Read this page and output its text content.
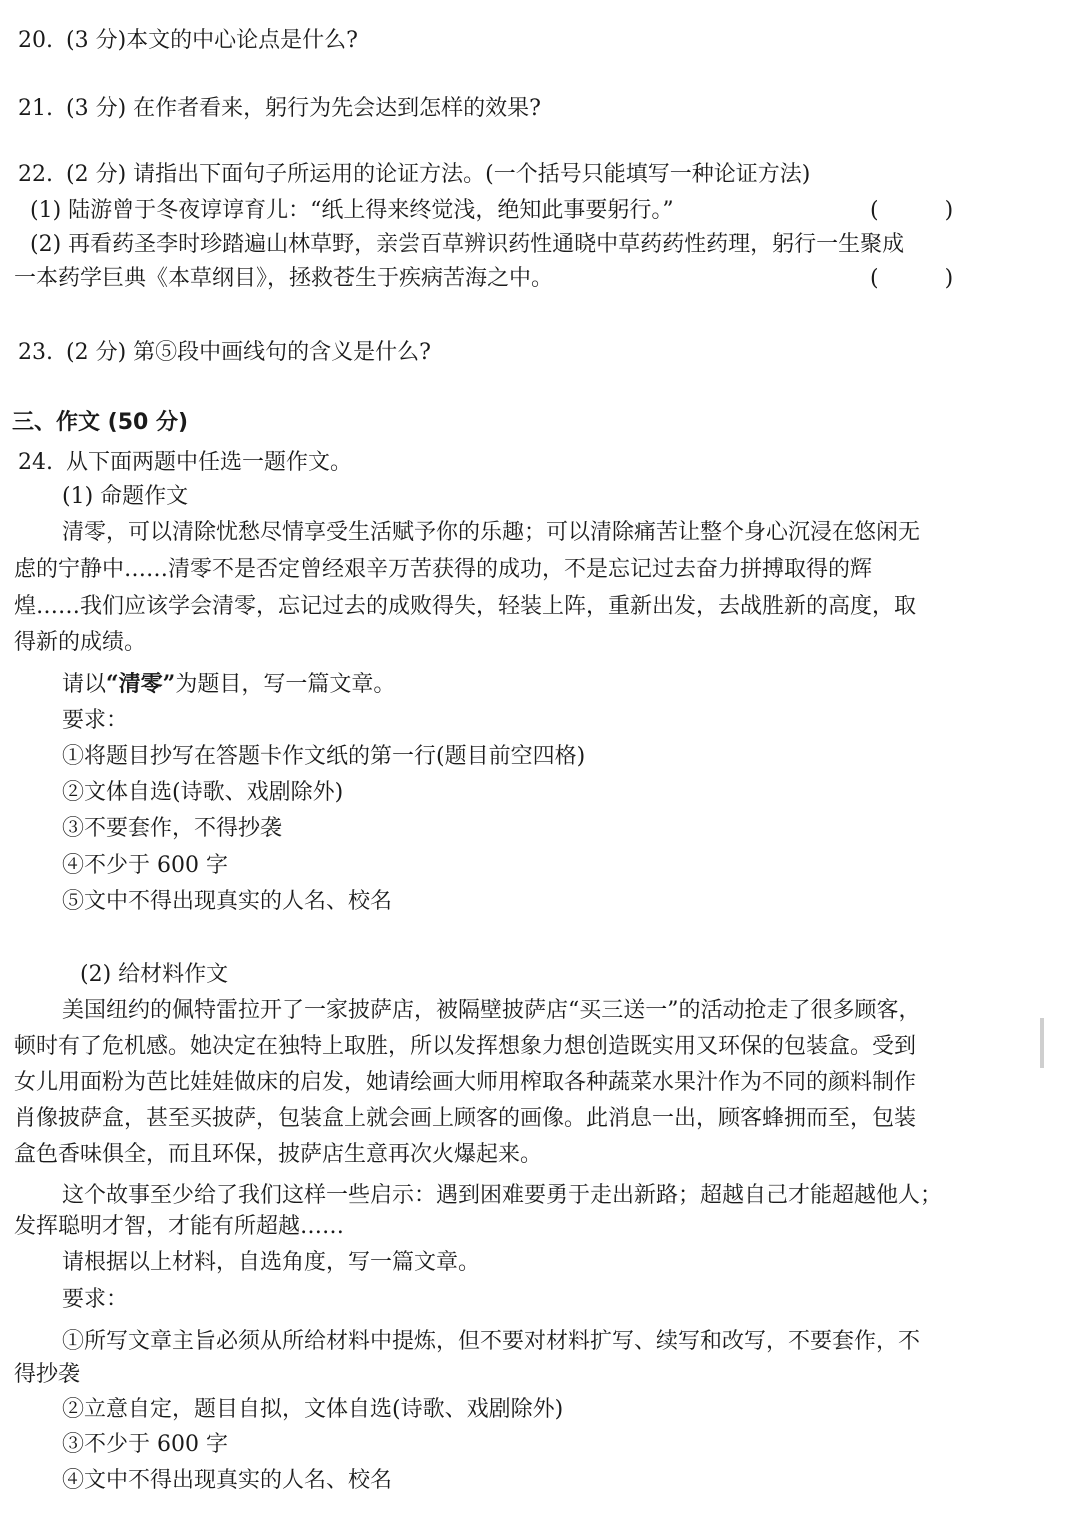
20. (3 分)本文的中心论点是什么?
21. (3 分) 在作者看来，躬行为先会达到怎样的效果?
22. (2 分) 请指出下面句子所运用的论证方法。(一个括号只能填写一种论证方法)
(1) 陆游曾于冬夜谆谆育儿：“纸上得来终觉浅，绝知此事要躬行。”	(　　　)
(2) 再看药圣李时珍踏遍山林草野，亲尝百草辨识药性通晓中草药药性药理，躬行一生聚成
一本药学巨典《本草纲目》，拯救苍生于疾病苦海之中。	(　　　)
23. (2 分) 第⑤段中画线句的含义是什么?
三、作文 (50 分)
24. 从下面两题中任选一题作文。
(1) 命题作文
清零，可以清除忧愁尽情享受生活赋予你的乐趣；可以清除痛苦让整个身心沉浸在悠闲无
虑的宁静中……清零不是否定曾经艰辛万苦获得的成功，不是忘记过去奋力拼搏取得的辉
煌……我们应该学会清零，忘记过去的成败得失，轻装上阵，重新出发，去战胜新的高度，取
得新的成绩。
请以“清零”为题目，写一篇文章。
要求：
①将题目抄写在答题卡作文纸的第一行(题目前空四格)
②文体自选(诗歌、戏剧除外)
③不要套作，不得抄袭
④不少于 600 字
⑤文中不得出现真实的人名、校名
(2) 给材料作文
美国纽约的佩特雷拉开了一家披萨店，被隔壁披萨店“买三送一”的活动抢走了很多顾客，
顿时有了危机感。她决定在独特上取胜，所以发挥想象力想创造既实用又环保的包装盒。受到
女儿用面粉为芭比娃娃做床的启发，她请绘画大师用榨取各种蔬菜水果汁作为不同的颜料制作
肖像披萨盒，甚至买披萨，包装盒上就会画上顾客的画像。此消息一出，顾客蜂拥而至，包装
盒色香味俱全，而且环保，披萨店生意再次火爆起来。
这个故事至少给了我们这样一些启示：遇到困难要勇于走出新路；超越自己才能超越他人；
发挥聪明才智，才能有所超越……
请根据以上材料，自选角度，写一篇文章。
要求：
①所写文章主旨必须从所给材料中提炼，但不要对材料扩写、续写和改写，不要套作，不
得抄袭
②立意自定，题目自拟，文体自选(诗歌、戏剧除外)
③不少于 600 字
④文中不得出现真实的人名、校名
